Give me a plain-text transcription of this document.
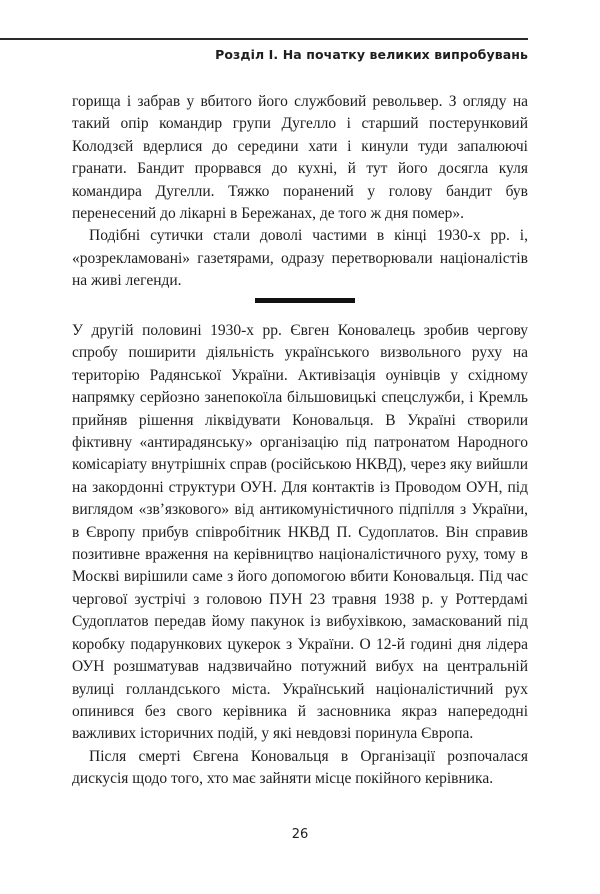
Розділ I. На початку великих випробувань

горища і забрав у вбитого його службовий револьвер. З огляду на такий опір командир групи Дугелло і старший постерунковий Колодзєй вдерлися до середини хати і кинули туди запалюючі гранати. Бандит прорвався до кухні, й тут його досягла куля командира Дугелли. Тяжко поранений у голову бандит був перенесений до лікарні в Бережанах, де того ж дня помер».

Подібні сутички стали доволі частими в кінці 1930-х рр. і, «розрекламовані» газетярами, одразу перетворювали націоналістів на живі легенди.

У другій половині 1930-х рр. Євген Коновалець зробив чергову спробу поширити діяльність українського визвольного руху на територію Радянської України. Активізація оунівців у східному напрямку серйозно занепокоїла більшовицькі спецслужби, і Кремль прийняв рішення ліквідувати Коновальця. В Україні створили фіктивну «антирадянську» організацію під патронатом Народного комісаріату внутрішніх справ (російською НКВД), через яку вийшли на закордонні структури ОУН. Для контактів із Проводом ОУН, під виглядом «зв’язкового» від антикомуністичного підпілля з України, в Європу прибув співробітник НКВД П. Судоплатов. Він справив позитивне враження на керівництво націоналістичного руху, тому в Москві вирішили саме з його допомогою вбити Коновальця. Під час чергової зустрічі з головою ПУН 23 травня 1938 р. у Роттердамі Судоплатов передав йому пакунок із вибухівкою, замаскований під коробку подарункових цукерок з України. О 12-й годині дня лідера ОУН розшматував надзвичайно потужний вибух на центральній вулиці голландського міста. Український націоналістичний рух опинився без свого керівника й засновника якраз напередодні важливих історичних подій, у які невдовзі поринула Європа.

Після смерті Євгена Коновальця в Організації розпочалася дискусія щодо того, хто має зайняти місце покійного керівника.

26
